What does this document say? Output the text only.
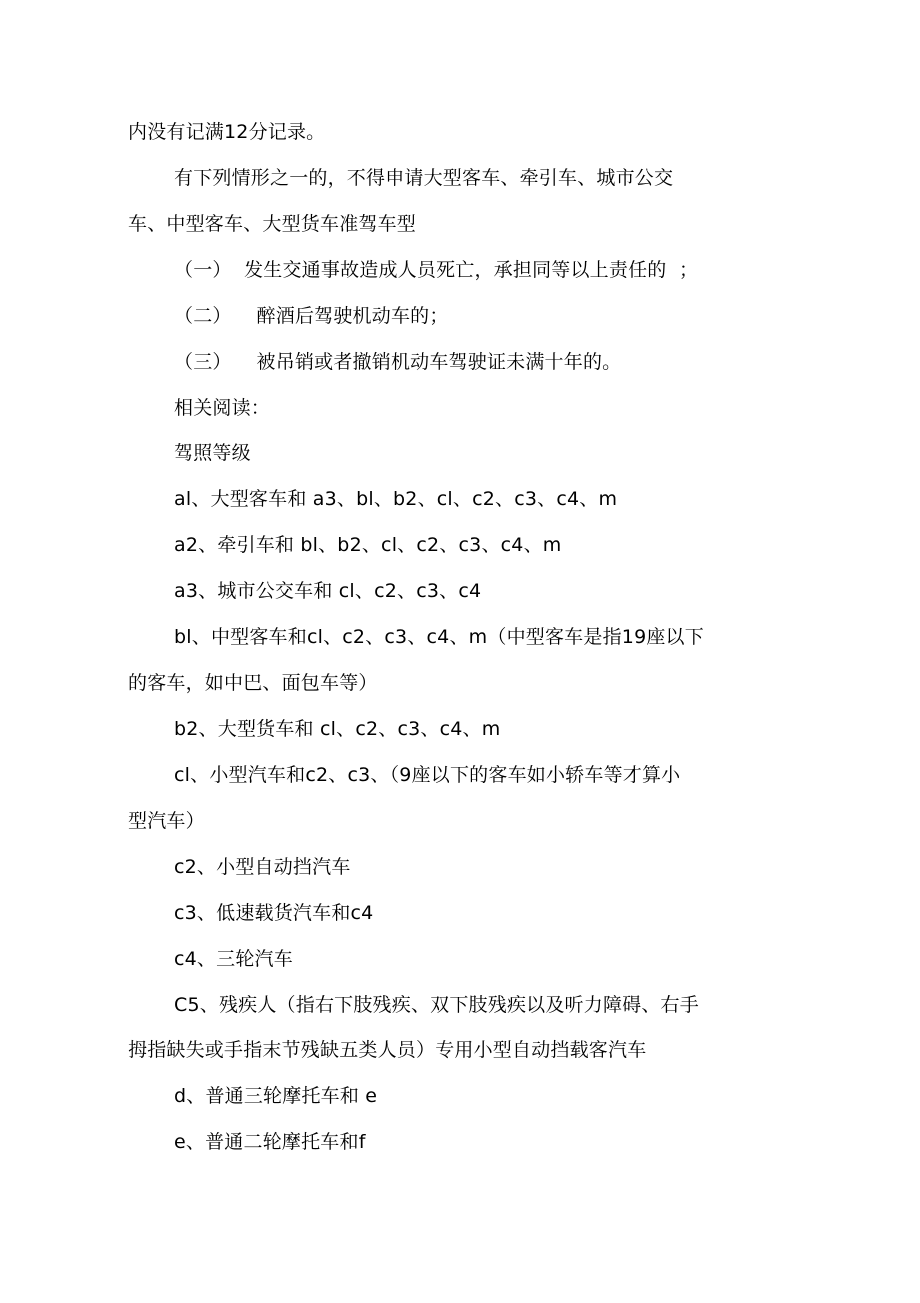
内没有记满12分记录。
有下列情形之一的，不得申请大型客车、牵引车、城市公交
车、中型客车、大型货车准驾车型
（一）  发生交通事故造成人员死亡，承担同等以上责任的  ；
（二）    醉酒后驾驶机动车的；
（三）    被吊销或者撤销机动车驾驶证未满十年的。
相关阅读：
驾照等级
al、大型客车和 a3、bl、b2、cl、c2、c3、c4、m
a2、牵引车和 bl、b2、cl、c2、c3、c4、m
a3、城市公交车和 cl、c2、c3、c4
bl、中型客车和cl、c2、c3、c4、m（中型客车是指19座以下
的客车，如中巴、面包车等）
b2、大型货车和 cl、c2、c3、c4、m
cl、小型汽车和c2、c3、（9座以下的客车如小轿车等才算小
型汽车）
c2、小型自动挡汽车
c3、低速载货汽车和c4
c4、三轮汽车
C5、残疾人（指右下肢残疾、双下肢残疾以及听力障碍、右手
拇指缺失或手指末节残缺五类人员）专用小型自动挡载客汽车
d、普通三轮摩托车和 e
e、普通二轮摩托车和f
